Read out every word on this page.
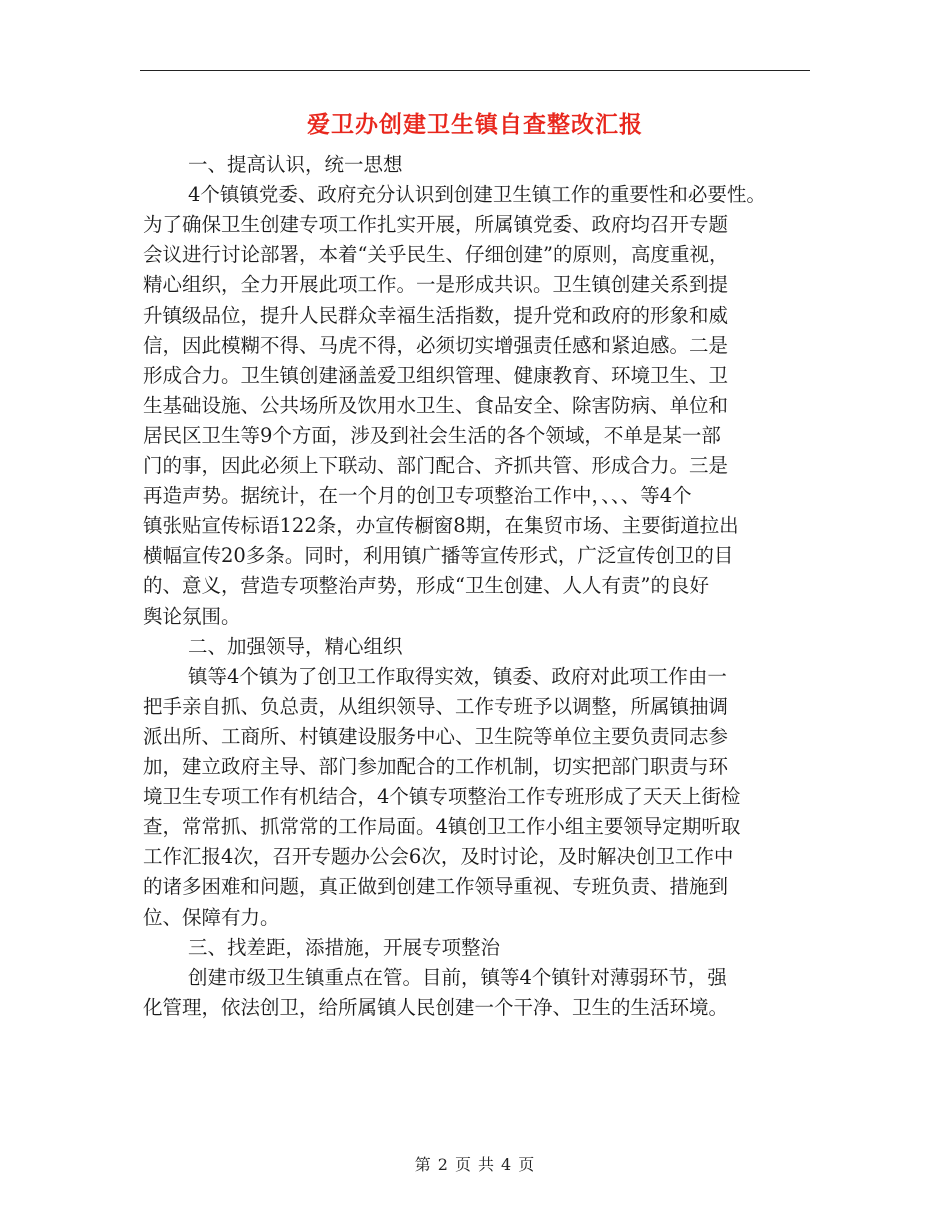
爱卫办创建卫生镇自查整改汇报
一、提高认识，统一思想
4个镇镇党委、政府充分认识到创建卫生镇工作的重要性和必要性。
为了确保卫生创建专项工作扎实开展，所属镇党委、政府均召开专题
会议进行讨论部署，本着“关乎民生、仔细创建”的原则，高度重视，
精心组织，全力开展此项工作。一是形成共识。卫生镇创建关系到提
升镇级品位，提升人民群众幸福生活指数，提升党和政府的形象和威
信，因此模糊不得、马虎不得，必须切实增强责任感和紧迫感。二是
形成合力。卫生镇创建涵盖爱卫组织管理、健康教育、环境卫生、卫
生基础设施、公共场所及饮用水卫生、食品安全、除害防病、单位和
居民区卫生等9个方面，涉及到社会生活的各个领域，不单是某一部
门的事，因此必须上下联动、部门配合、齐抓共管、形成合力。三是
再造声势。据统计，在一个月的创卫专项整治工作中，、、、等4个
镇张贴宣传标语122条，办宣传橱窗8期，在集贸市场、主要街道拉出
横幅宣传20多条。同时，利用镇广播等宣传形式，广泛宣传创卫的目
的、意义，营造专项整治声势，形成“卫生创建、人人有责”的良好
舆论氛围。
二、加强领导，精心组织
镇等4个镇为了创卫工作取得实效，镇委、政府对此项工作由一
把手亲自抓、负总责，从组织领导、工作专班予以调整，所属镇抽调
派出所、工商所、村镇建设服务中心、卫生院等单位主要负责同志参
加，建立政府主导、部门参加配合的工作机制，切实把部门职责与环
境卫生专项工作有机结合，4个镇专项整治工作专班形成了天天上街检
查，常常抓、抓常常的工作局面。4镇创卫工作小组主要领导定期听取
工作汇报4次，召开专题办公会6次，及时讨论，及时解决创卫工作中
的诸多困难和问题，真正做到创建工作领导重视、专班负责、措施到
位、保障有力。
三、找差距，添措施，开展专项整治
创建市级卫生镇重点在管。目前，镇等4个镇针对薄弱环节，强
化管理，依法创卫，给所属镇人民创建一个干净、卫生的生活环境。
第 2 页 共 4 页
